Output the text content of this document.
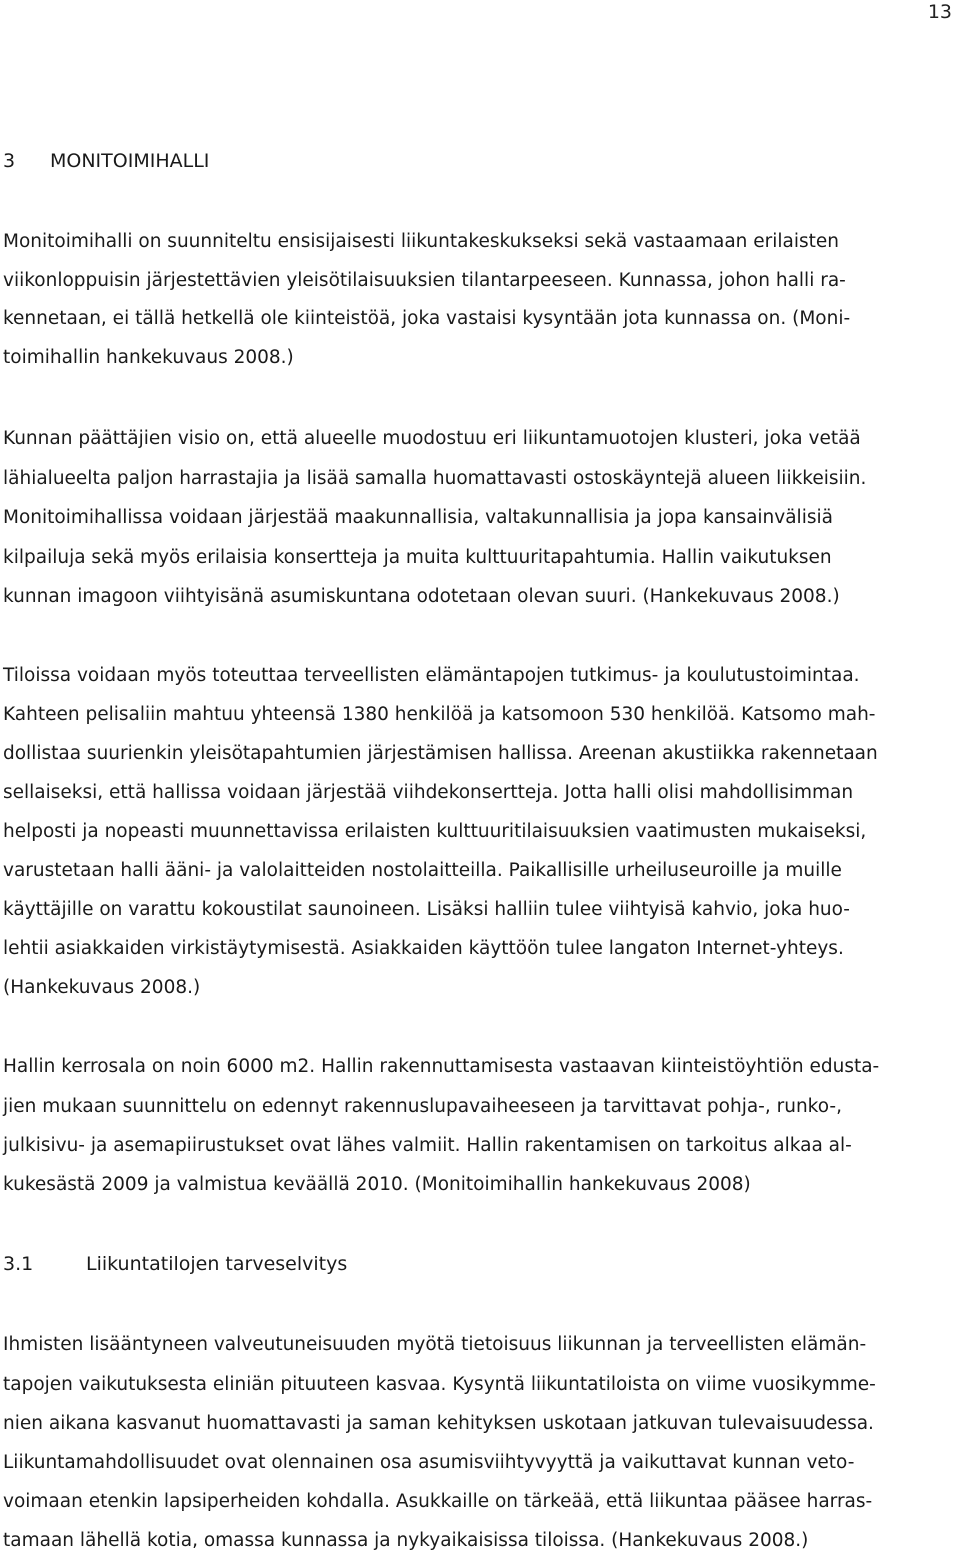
13
3 MONITOIMIHALLI
Monitoimihalli on suunniteltu ensisijaisesti liikuntakeskukseksi sekä vastaamaan erilaisten
viikonloppuisin järjestettävien yleisötilaisuuksien tilantarpeeseen. Kunnassa, johon halli ra-
kennetaan, ei tällä hetkellä ole kiinteistöä, joka vastaisi kysyntään jota kunnassa on. (Moni-
toimihallin hankekuvaus 2008.)
Kunnan päättäjien visio on, että alueelle muodostuu eri liikuntamuotojen klusteri, joka vetää
lähialueelta paljon harrastajia ja lisää samalla huomattavasti ostoskäyntejä alueen liikkeisiin.
Monitoimihallissa voidaan järjestää maakunnallisia, valtakunnallisia ja jopa kansainvälisiä
kilpailuja sekä myös erilaisia konsertteja ja muita kulttuuritapahtumia. Hallin vaikutuksen
kunnan imagoon viihtyisänä asumiskuntana odotetaan olevan suuri. (Hankekuvaus 2008.)
Tiloissa voidaan myös toteuttaa terveellisten elämäntapojen tutkimus- ja koulutustoimintaa.
Kahteen pelisaliin mahtuu yhteensä 1380 henkilöä ja katsomoon 530 henkilöä. Katsomo mah-
dollistaa suurienkin yleisötapahtumien järjestämisen hallissa. Areenan akustiikka rakennetaan
sellaiseksi, että hallissa voidaan järjestää viihdekonsertteja. Jotta halli olisi mahdollisimman
helposti ja nopeasti muunnettavissa erilaisten kulttuuritilaisuuksien vaatimusten mukaiseksi,
varustetaan halli ääni- ja valolaitteiden nostolaitteilla. Paikallisille urheiluseuroille ja muille
käyttäjille on varattu kokoustilat saunoineen. Lisäksi halliin tulee viihtyisä kahvio, joka huo-
lehtii asiakkaiden virkistäytymisestä. Asiakkaiden käyttöön tulee langaton Internet-yhteys.
(Hankekuvaus 2008.)
Hallin kerrosala on noin 6000 m2. Hallin rakennuttamisesta vastaavan kiinteistöyhtiön edusta-
jien mukaan suunnittelu on edennyt rakennuslupavaiheeseen ja tarvittavat pohja-, runko-,
julkisivu- ja asemapiirustukset ovat lähes valmiit. Hallin rakentamisen on tarkoitus alkaa al-
kukesästä 2009 ja valmistua keväällä 2010. (Monitoimihallin hankekuvaus 2008)
3.1	Liikuntatilojen tarveselvitys
Ihmisten lisääntyneen valveutuneisuuden myötä tietoisuus liikunnan ja terveellisten elämän-
tapojen vaikutuksesta eliniän pituuteen kasvaa. Kysyntä liikuntatiloista on viime vuosikymme-
nien aikana kasvanut huomattavasti ja saman kehityksen uskotaan jatkuvan tulevaisuudessa.
Liikuntamahdollisuudet ovat olennainen osa asumisviihtyvyyttä ja vaikuttavat kunnan veto-
voimaan etenkin lapsiperheiden kohdalla. Asukkaille on tärkeää, että liikuntaa pääsee harras-
tamaan lähellä kotia, omassa kunnassa ja nykyaikaisissa tiloissa. (Hankekuvaus 2008.)
